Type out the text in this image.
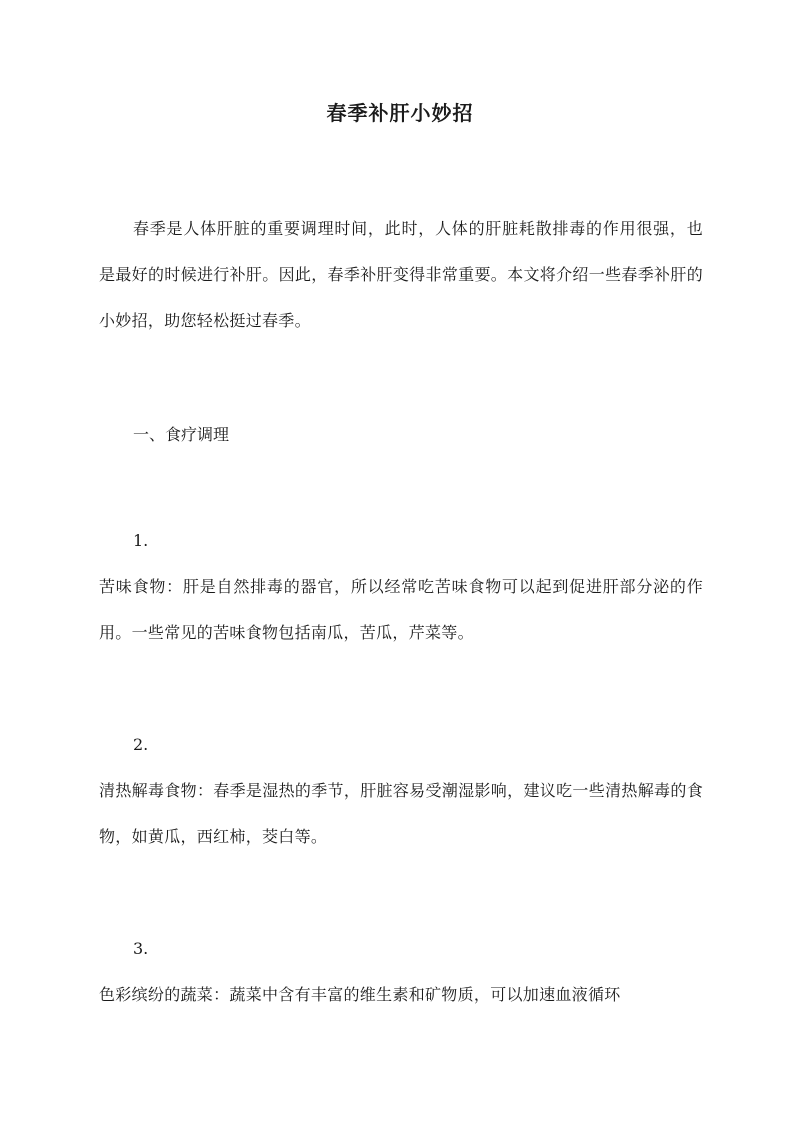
春季补肝小妙招

春季是人体肝脏的重要调理时间，此时，人体的肝脏耗散排毒的作用很强，也是最好的时候进行补肝。因此，春季补肝变得非常重要。本文将介绍一些春季补肝的小妙招，助您轻松挺过春季。

一、食疗调理

1.

苦味食物：肝是自然排毒的器官，所以经常吃苦味食物可以起到促进肝部分泌的作用。一些常见的苦味食物包括南瓜，苦瓜，芹菜等。

2.

清热解毒食物：春季是湿热的季节，肝脏容易受潮湿影响，建议吃一些清热解毒的食物，如黄瓜，西红柿，茭白等。

3.

色彩缤纷的蔬菜：蔬菜中含有丰富的维生素和矿物质，可以加速血液循环
